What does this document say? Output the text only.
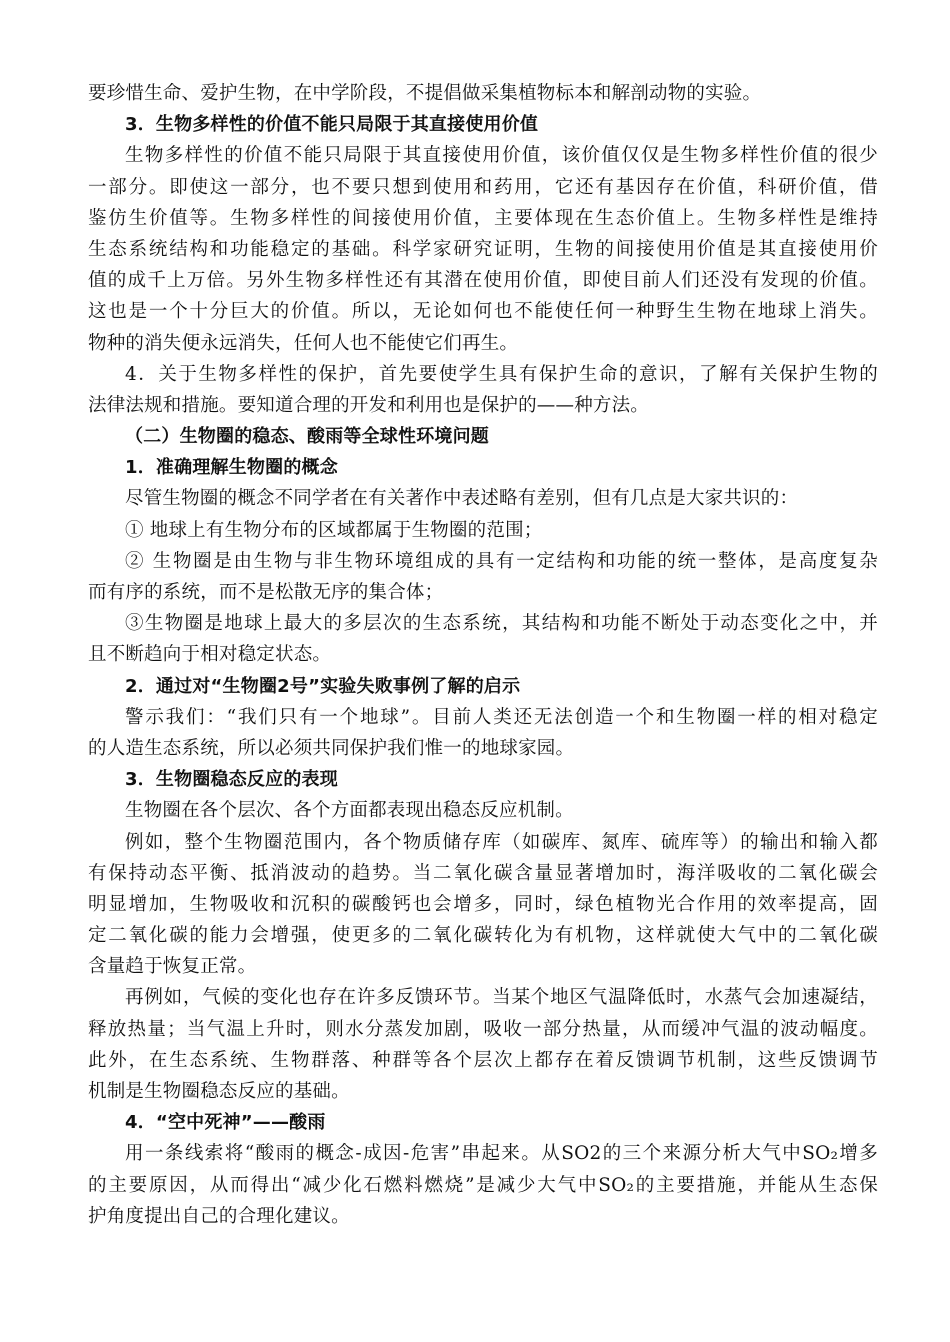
要珍惜生命、爱护生物，在中学阶段，不提倡做采集植物标本和解剖动物的实验。
3．生物多样性的价值不能只局限于其直接使用价值
生物多样性的价值不能只局限于其直接使用价值，该价值仅仅是生物多样性价值的很少
一部分。即使这一部分，也不要只想到使用和药用，它还有基因存在价值，科研价值，借
鉴仿生价值等。生物多样性的间接使用价值，主要体现在生态价值上。生物多样性是维持
生态系统结构和功能稳定的基础。科学家研究证明，生物的间接使用价值是其直接使用价
值的成千上万倍。另外生物多样性还有其潜在使用价值，即使目前人们还没有发现的价值。
这也是一个十分巨大的价值。所以，无论如何也不能使任何一种野生生物在地球上消失。
物种的消失便永远消失，任何人也不能使它们再生。
4．关于生物多样性的保护，首先要使学生具有保护生命的意识，了解有关保护生物的
法律法规和措施。要知道合理的开发和利用也是保护的——种方法。
（二）生物圈的稳态、酸雨等全球性环境问题
1．准确理解生物圈的概念
尽管生物圈的概念不同学者在有关著作中表述略有差别，但有几点是大家共识的：
① 地球上有生物分布的区域都属于生物圈的范围；
② 生物圈是由生物与非生物环境组成的具有一定结构和功能的统一整体，是高度复杂
而有序的系统，而不是松散无序的集合体；
③生物圈是地球上最大的多层次的生态系统，其结构和功能不断处于动态变化之中，并
且不断趋向于相对稳定状态。
2．通过对“生物圈2号”实验失败事例了解的启示
警示我们：“我们只有一个地球”。目前人类还无法创造一个和生物圈一样的相对稳定
的人造生态系统，所以必须共同保护我们惟一的地球家园。
3．生物圈稳态反应的表现
生物圈在各个层次、各个方面都表现出稳态反应机制。
例如，整个生物圈范围内，各个物质储存库（如碳库、氮库、硫库等）的输出和输入都
有保持动态平衡、抵消波动的趋势。当二氧化碳含量显著增加时，海洋吸收的二氧化碳会
明显增加，生物吸收和沉积的碳酸钙也会增多，同时，绿色植物光合作用的效率提高，固
定二氧化碳的能力会增强，使更多的二氧化碳转化为有机物，这样就使大气中的二氧化碳
含量趋于恢复正常。
再例如，气候的变化也存在许多反馈环节。当某个地区气温降低时，水蒸气会加速凝结，
释放热量；当气温上升时，则水分蒸发加剧，吸收一部分热量，从而缓冲气温的波动幅度。
此外，在生态系统、生物群落、种群等各个层次上都存在着反馈调节机制，这些反馈调节
机制是生物圈稳态反应的基础。
4．“空中死神”——酸雨
用一条线索将“酸雨的概念-成因-危害”串起来。从SO2的三个来源分析大气中SO₂增多
的主要原因，从而得出“减少化石燃料燃烧”是减少大气中SO₂的主要措施，并能从生态保
护角度提出自己的合理化建议。
